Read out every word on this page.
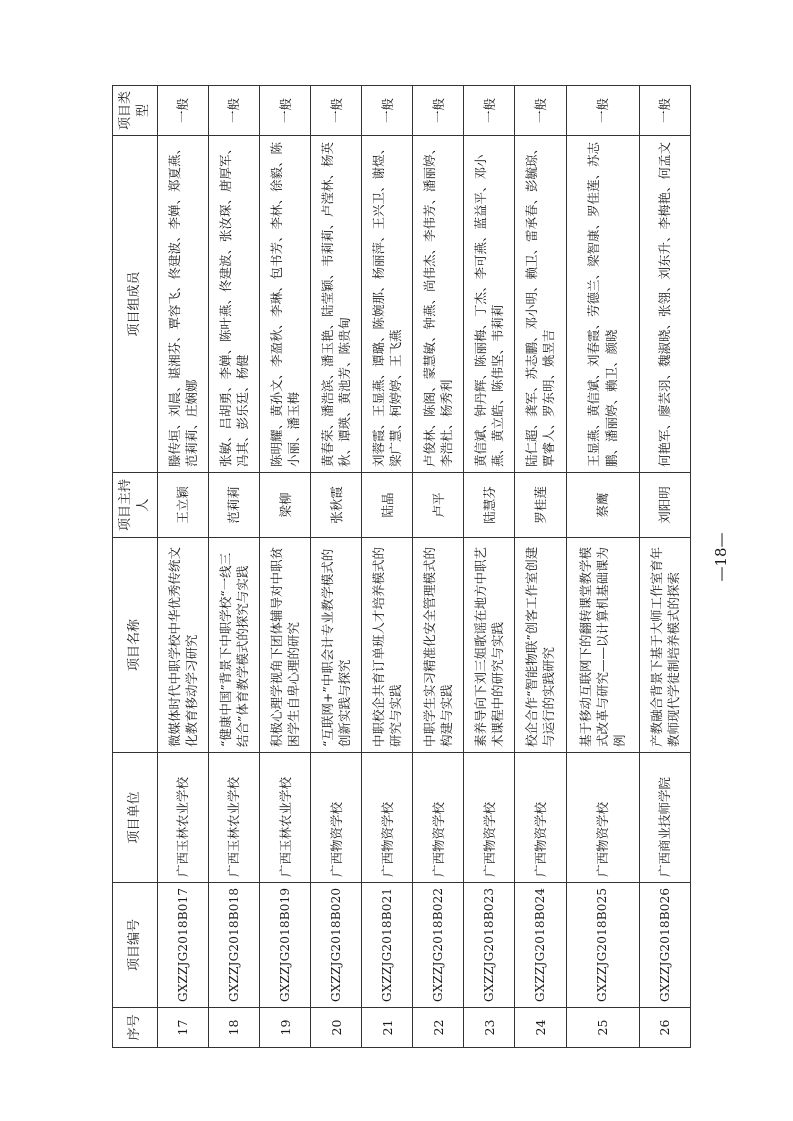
序号	项目编号	项目单位	项目名称	项目主持人	项目组成员	项目类型
17	GXZZJG2018B017	广西玉林农业学校	微媒体时代中职学校中华优秀传统文化教育移动学习研究	王立颖	滕传垣、刘晨、谌湘芬、覃容飞、佟建波、李婵、郑夏燕、范莉莉、庄娴娜	一般
18	GXZZJG2018B018	广西玉林农业学校	“健康中国”背景下中职学校“一线三结合”体育教学模式的探究与实践	范莉莉	张敏、吕胡勇、李婵、陈叶燕、佟建波、张汝琛、唐厚军、冯其、彭乐廷、杨健	一般
19	GXZZJG2018B019	广西玉林农业学校	积极心理学视角下团体辅导对中职贫困学生自卑心理的研究	梁柳	陈明耀、黄孙文、李盈秋、李琳、包书芳、李林、徐毅、陈小丽、潘玉梅	一般
20	GXZZJG2018B020	广西物资学校	“互联网+”中职会计专业教学模式的创新实践与探究	张秋霞	黄春荣、潘浩滨、潘玉艳、陆莹颖、韦莉莉、卢滢林、杨英秋、谭瑛、黄池芳、陈贵甸	一般
21	GXZZJG2018B021	广西物资学校	中职校企共育订单班人才培养模式的研究与实践	陆晶	刘蓉霞、王显燕、谭璐、陈婉那、杨丽萍、王兴卫、谢煜、梁广慧、柯婷婷、王飞燕	一般
22	GXZZJG2018B022	广西物资学校	中职学生实习精准化安全管理模式的构建与实践	卢平	卢俊林、陈阁、蒙慧敏、钟燕、尚伟杰、李伟芳、潘丽婷、李浩杜、杨秀利	一般
23	GXZZJG2018B023	广西物资学校	素养导向下刘三姐歌谣在地方中职艺术课程中的研究与实践	陆慧芬	黄信斌、钟丹辉、陈丽梅、丁杰、李可燕、蓝益平、邓小燕、黄立皓、陈伟坚、韦莉莉	一般
24	GXZZJG2018B024	广西物资学校	校企合作“智能物联”创客工作室创建与运行的实践研究	罗桂莲	陆仁超、龚军、苏志鹏、邓小明、赖卫、雷承春、彭毓琼、覃睿人、罗东明、姚昱吉	一般
25	GXZZJG2018B025	广西物资学校	基于移动互联网下的翻转课堂教学模式改革与研究——以计算机基础课为例	蔡鹰	王显燕、黄信斌、刘春霞、劳德兰、梁智康、罗佳莲、苏志鹏、潘丽婷、赖卫、颜晓	一般
26	GXZZJG2018B026	广西商业技师学院	产教融合背景下基于大师工作室育年教师现代学徒制培养模式的探索	刘阳明	何艳军、廖芸羽、魏淑晓、张翎、刘东升、李梅艳、何孟文	一般
—18—
